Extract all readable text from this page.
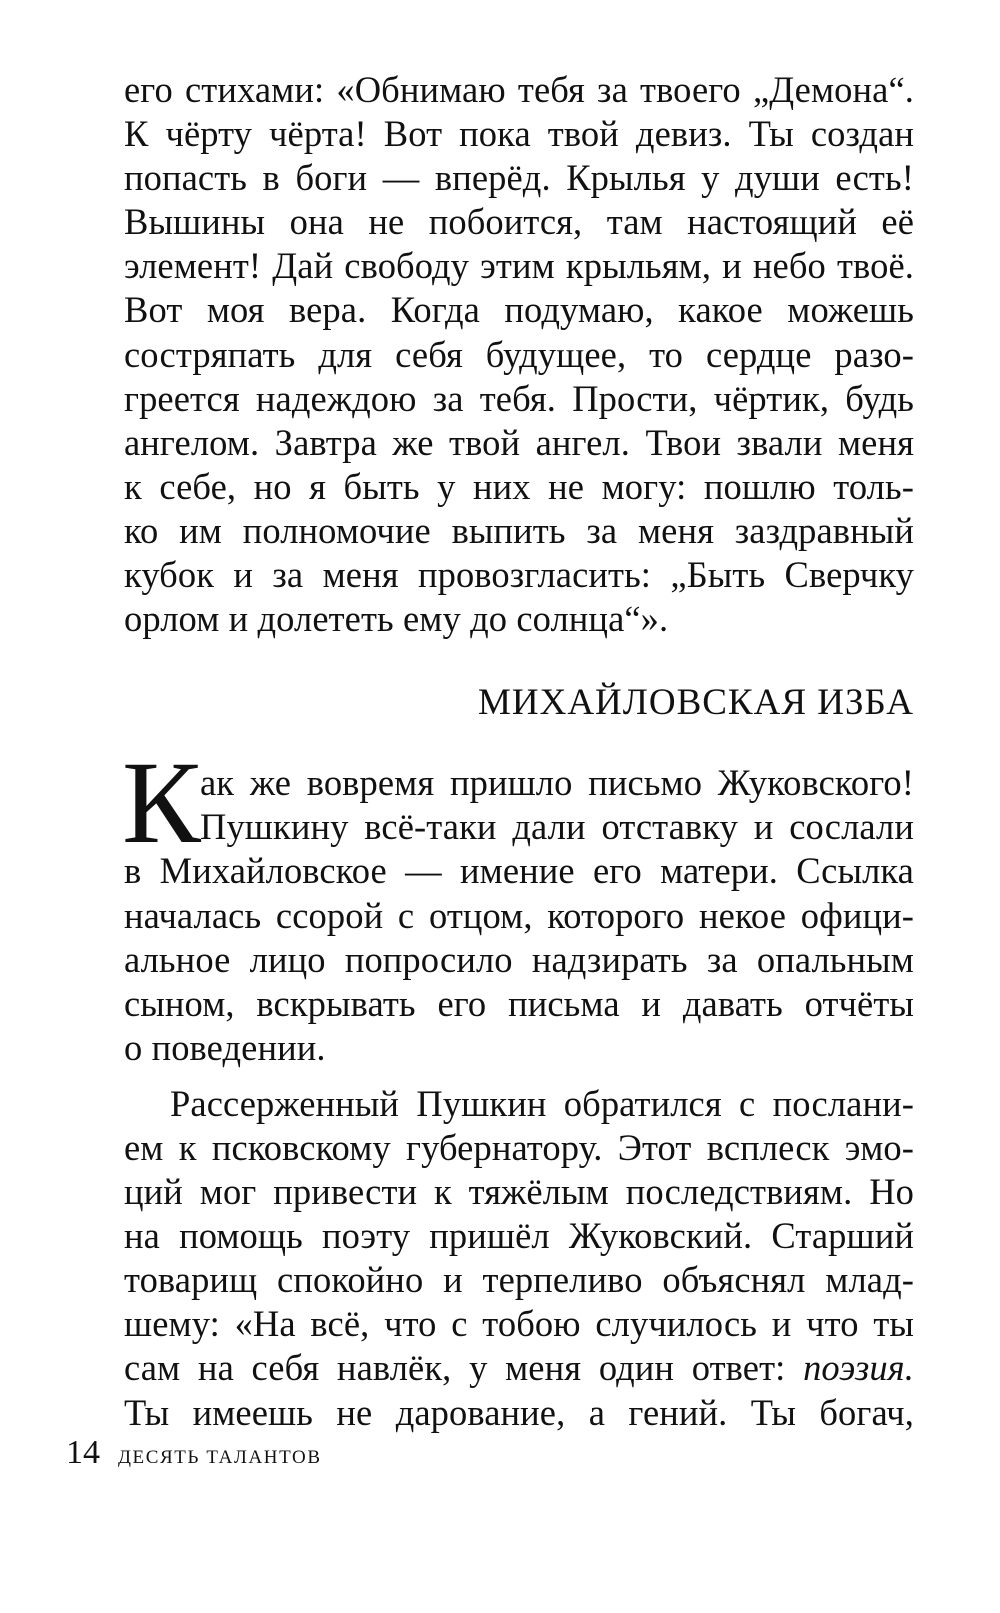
его стихами: «Обнимаю тебя за твоего „Демона“.
К чёрту чёрта! Вот пока твой девиз. Ты создан
попасть в боги — вперёд. Крылья у души есть!
Вышины она не побоится, там настоящий её
элемент! Дай свободу этим крыльям, и небо твоё.
Вот моя вера. Когда подумаю, какое можешь
состряпать для себя будущее, то сердце разо-
греется надеждою за тебя. Прости, чёртик, будь
ангелом. Завтра же твой ангел. Твои звали меня
к себе, но я быть у них не могу: пошлю толь-
ко им полномочие выпить за меня заздравный
кубок и за меня провозгласить: „Быть Сверчку
орлом и долететь ему до солнца“».
МИХАЙЛОВСКАЯ ИЗБА
К ак же вовремя пришло письмо Жуковского!
Пушкину всё-таки дали отставку и сослали
в Михайловское — имение его матери. Ссылка
началась ссорой с отцом, которого некое офици-
альное лицо попросило надзирать за опальным
сыном, вскрывать его письма и давать отчёты
о поведении.
Рассерженный Пушкин обратился с послани-
ем к псковскому губернатору. Этот всплеск эмо-
ций мог привести к тяжёлым последствиям. Но
на помощь поэту пришёл Жуковский. Старший
товарищ спокойно и терпеливо объяснял млад-
шему: «На всё, что с тобою случилось и что ты
сам на себя навлёк, у меня один ответ: поэзия.
Ты имеешь не дарование, а гений. Ты богач,
14 ДЕСЯТЬ ТАЛАНТОВ
